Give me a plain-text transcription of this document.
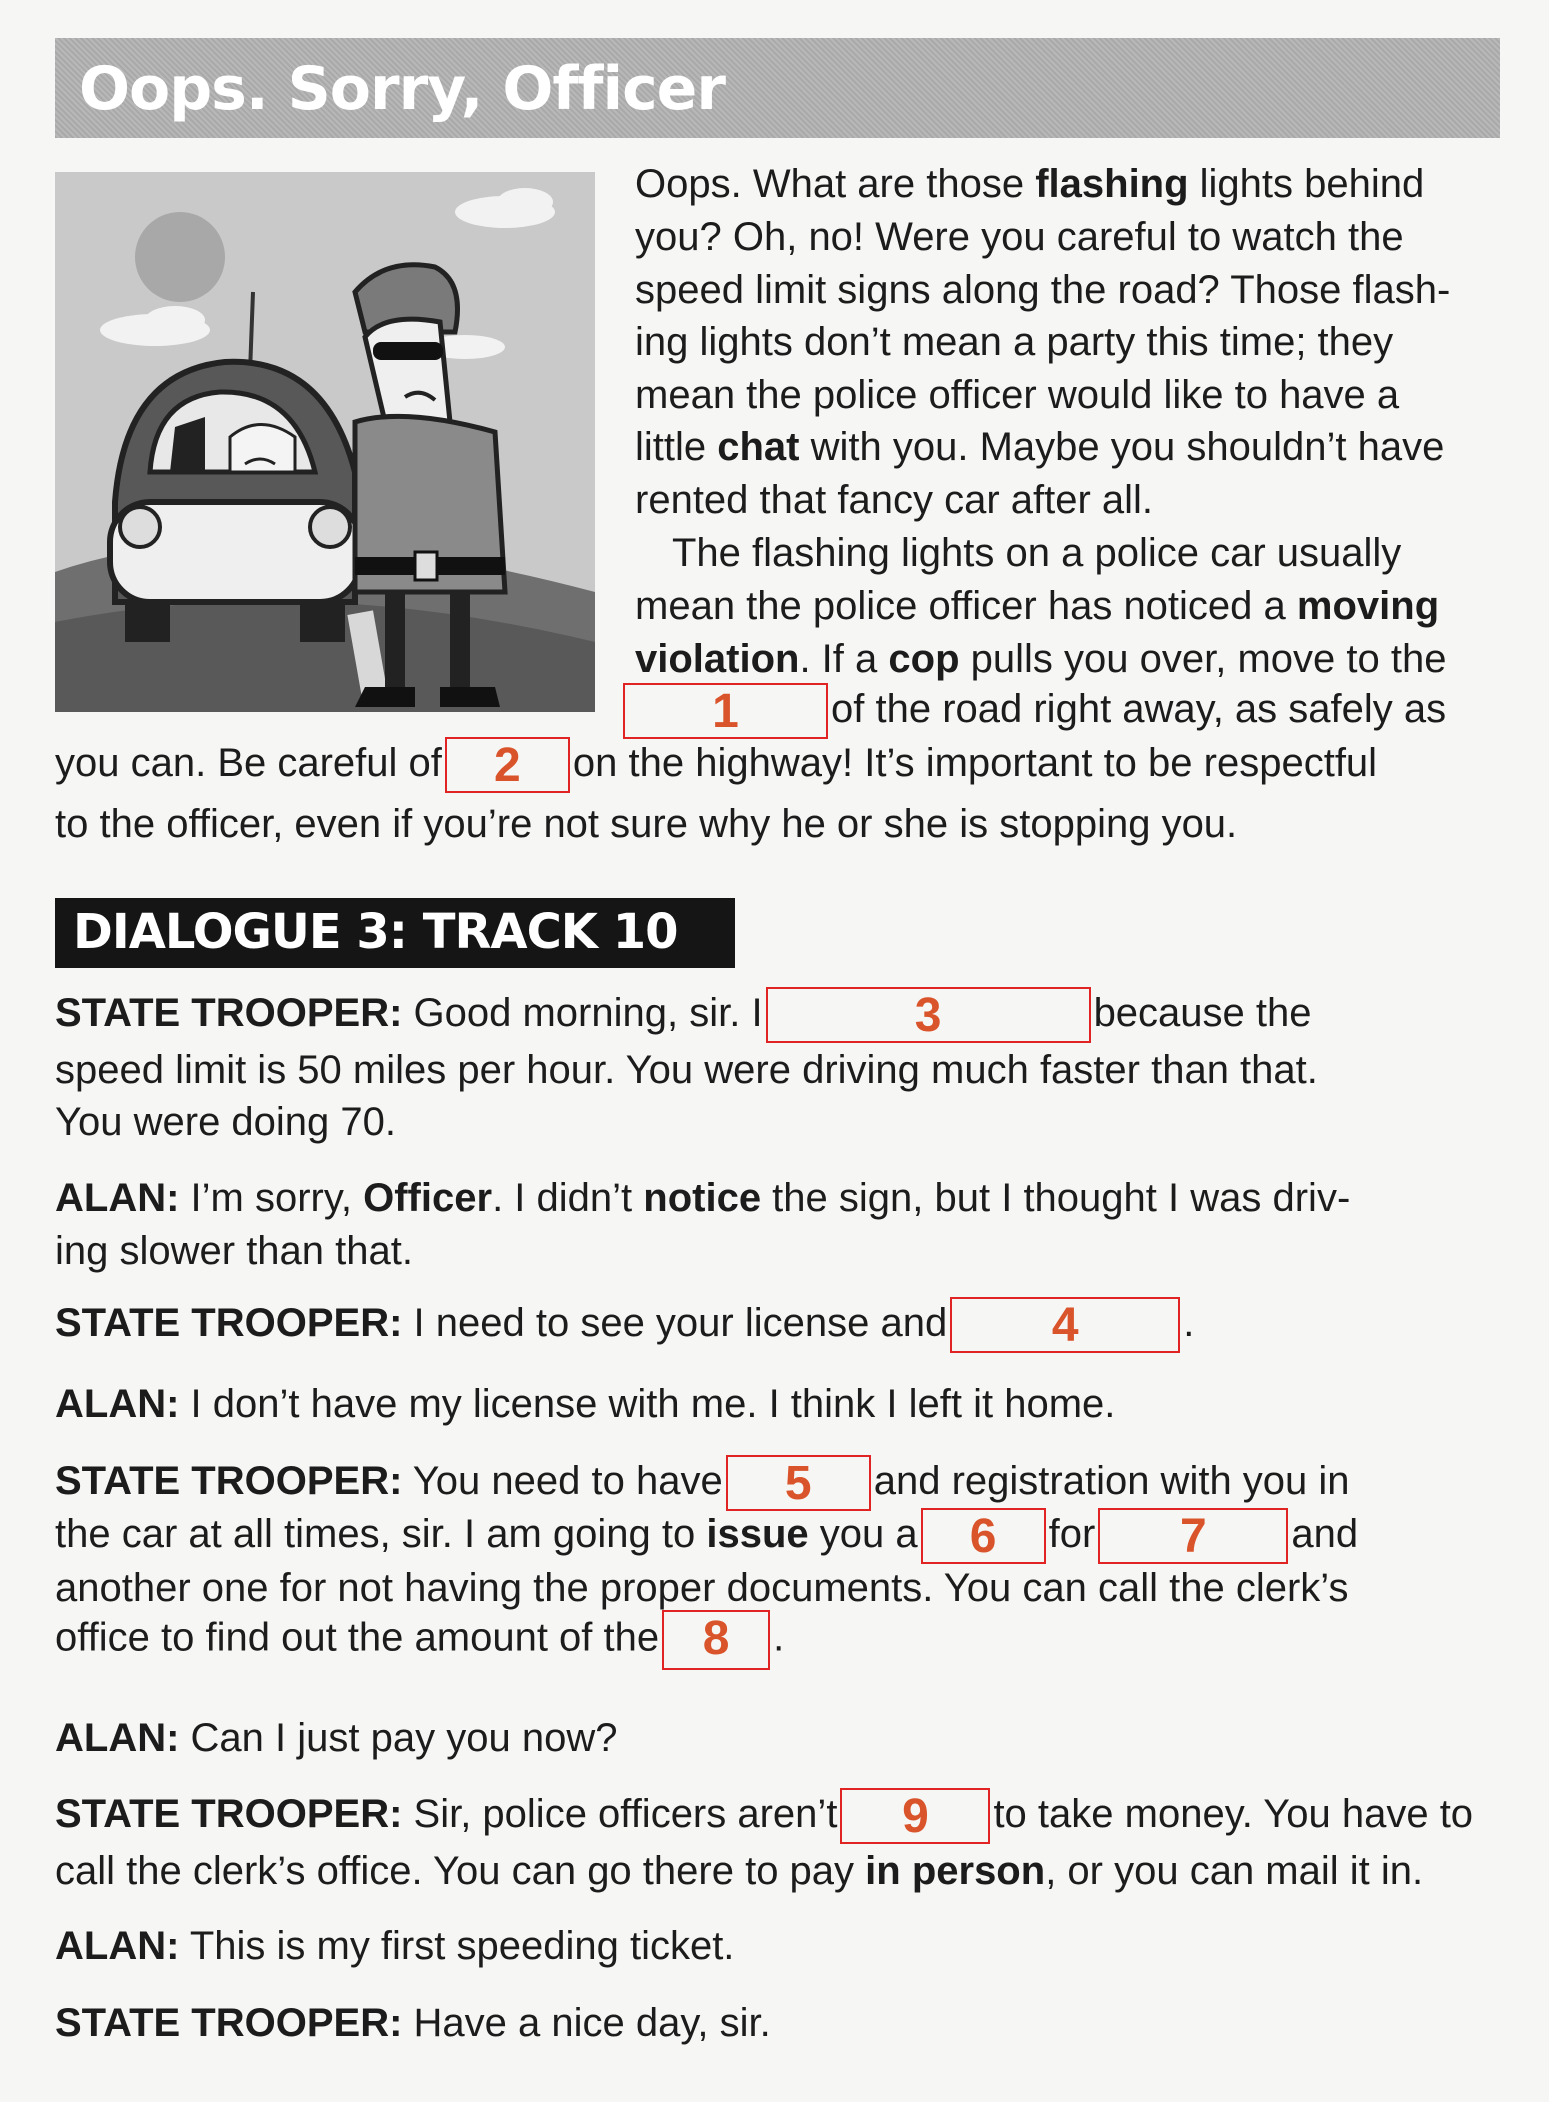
Oops. Sorry, Officer
Oops. What are those flashing lights behind
you? Oh, no! Were you careful to watch the
speed limit signs along the road? Those flash-
ing lights don’t mean a party this time; they
mean the police officer would like to have a
little chat with you. Maybe you shouldn’t have
rented that fancy car after all.
The flashing lights on a police car usually
mean the police officer has noticed a moving
violation. If a cop pulls you over, move to the
1	of the road right away, as safely as
you can. Be careful of	2	on the highway! It’s important to be respectful
to the officer, even if you’re not sure why he or she is stopping you.
DIALOGUE 3: TRACK 10
STATE TROOPER: Good morning, sir. I	3	because the
speed limit is 50 miles per hour. You were driving much faster than that.
You were doing 70.
ALAN: I’m sorry, Officer. I didn’t notice the sign, but I thought I was driv-
ing slower than that.
STATE TROOPER: I need to see your license and	4	.
ALAN: I don’t have my license with me. I think I left it home.
STATE TROOPER: You need to have	5	and registration with you in
the car at all times, sir. I am going to issue you a	6	for	7	and
another one for not having the proper documents. You can call the clerk’s
office to find out the amount of the 8	.
ALAN: Can I just pay you now?
STATE TROOPER: Sir, police officers aren’t	9	to take money. You have to
call the clerk’s office. You can go there to pay in person, or you can mail it in.
ALAN: This is my first speeding ticket.
STATE TROOPER: Have a nice day, sir.
